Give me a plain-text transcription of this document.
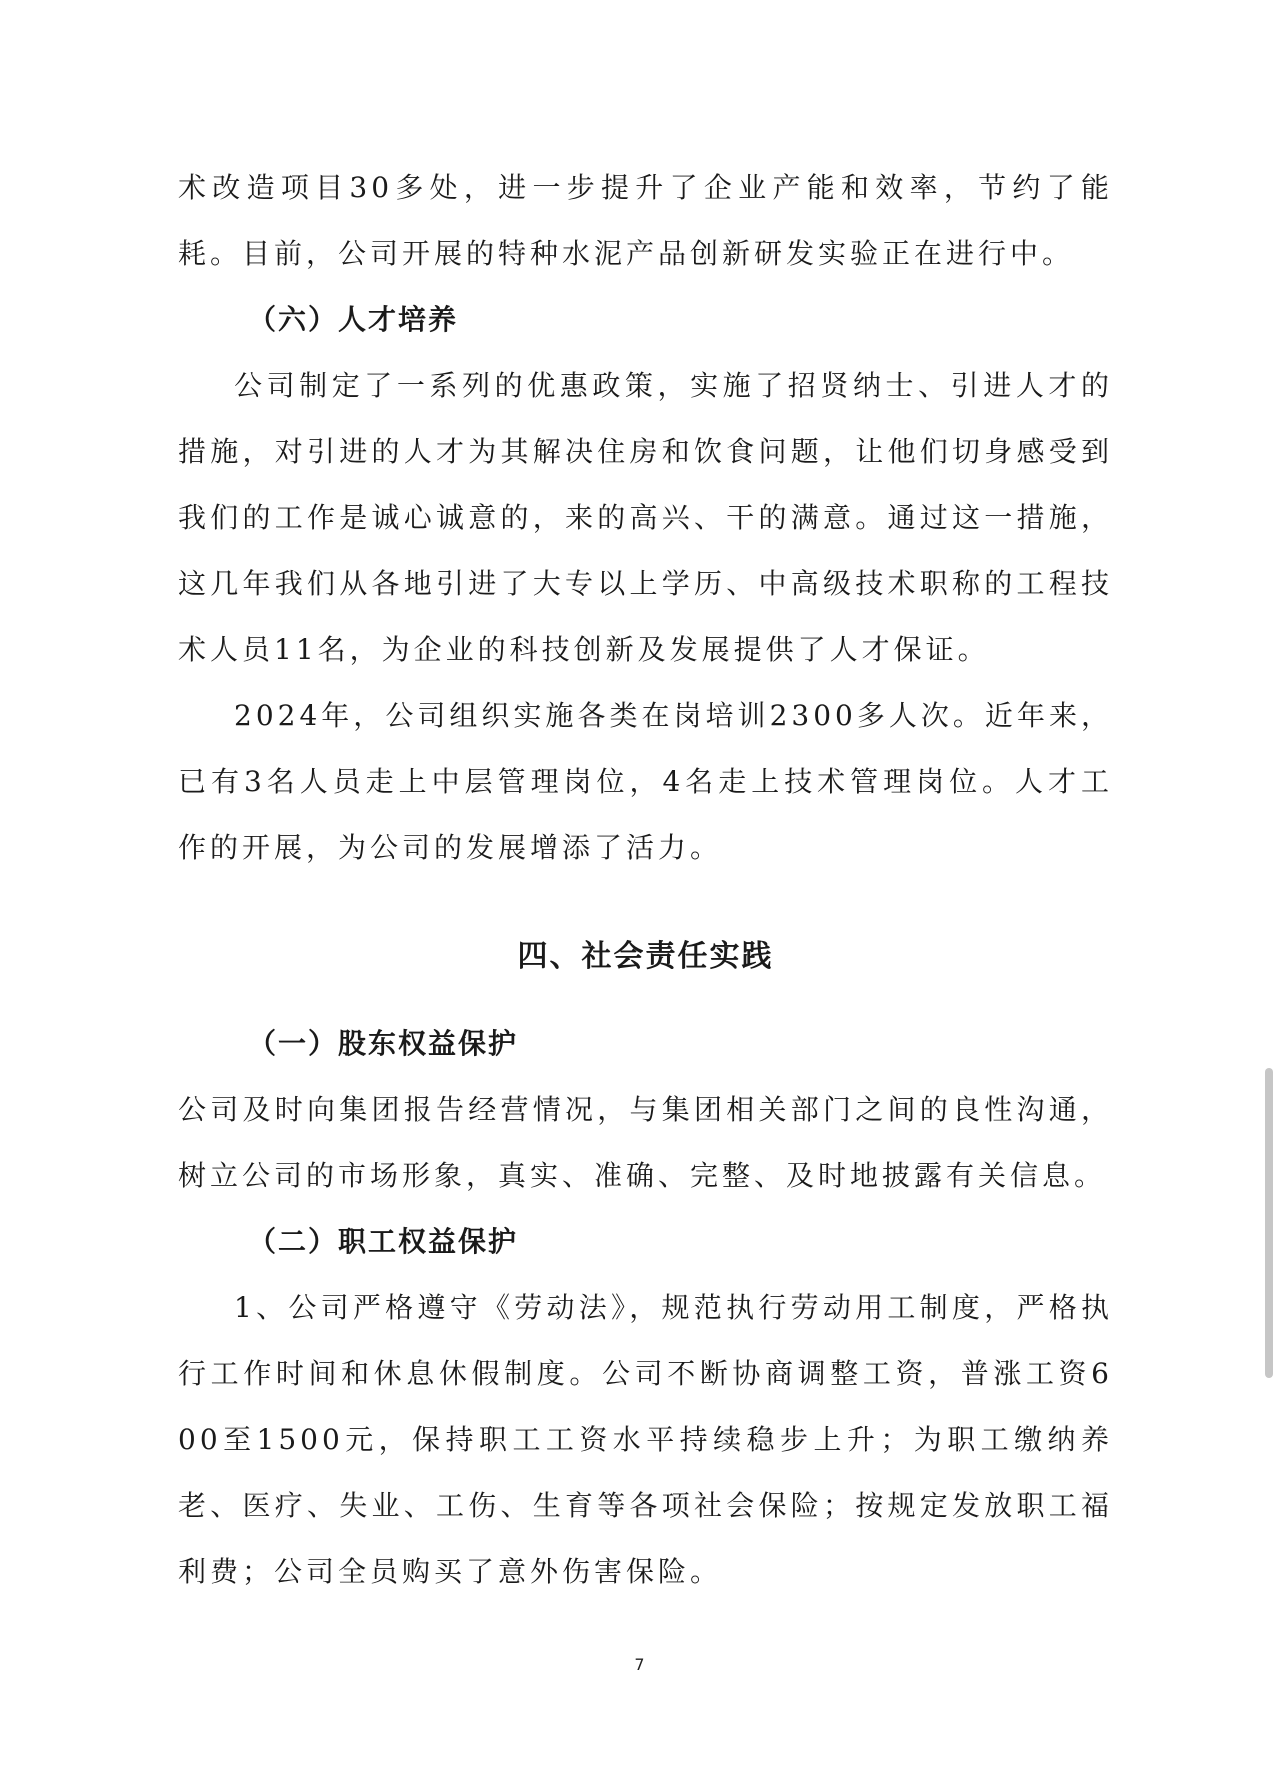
术改造项目30多处，进一步提升了企业产能和效率，节约了能耗。目前，公司开展的特种水泥产品创新研发实验正在进行中。

（六）人才培养

公司制定了一系列的优惠政策，实施了招贤纳士、引进人才的措施，对引进的人才为其解决住房和饮食问题，让他们切身感受到我们的工作是诚心诚意的，来的高兴、干的满意。通过这一措施，这几年我们从各地引进了大专以上学历、中高级技术职称的工程技术人员11名，为企业的科技创新及发展提供了人才保证。

2024年，公司组织实施各类在岗培训2300多人次。近年来，已有3名人员走上中层管理岗位，4名走上技术管理岗位。人才工作的开展，为公司的发展增添了活力。

四、社会责任实践
（一）股东权益保护

公司及时向集团报告经营情况，与集团相关部门之间的良性沟通，树立公司的市场形象，真实、准确、完整、及时地披露有关信息。

（二）职工权益保护

1、公司严格遵守《劳动法》，规范执行劳动用工制度，严格执行工作时间和休息休假制度。公司不断协商调整工资，普涨工资600至1500元，保持职工工资水平持续稳步上升；为职工缴纳养老、医疗、失业、工伤、生育等各项社会保险；按规定发放职工福利费；公司全员购买了意外伤害保险。

7
